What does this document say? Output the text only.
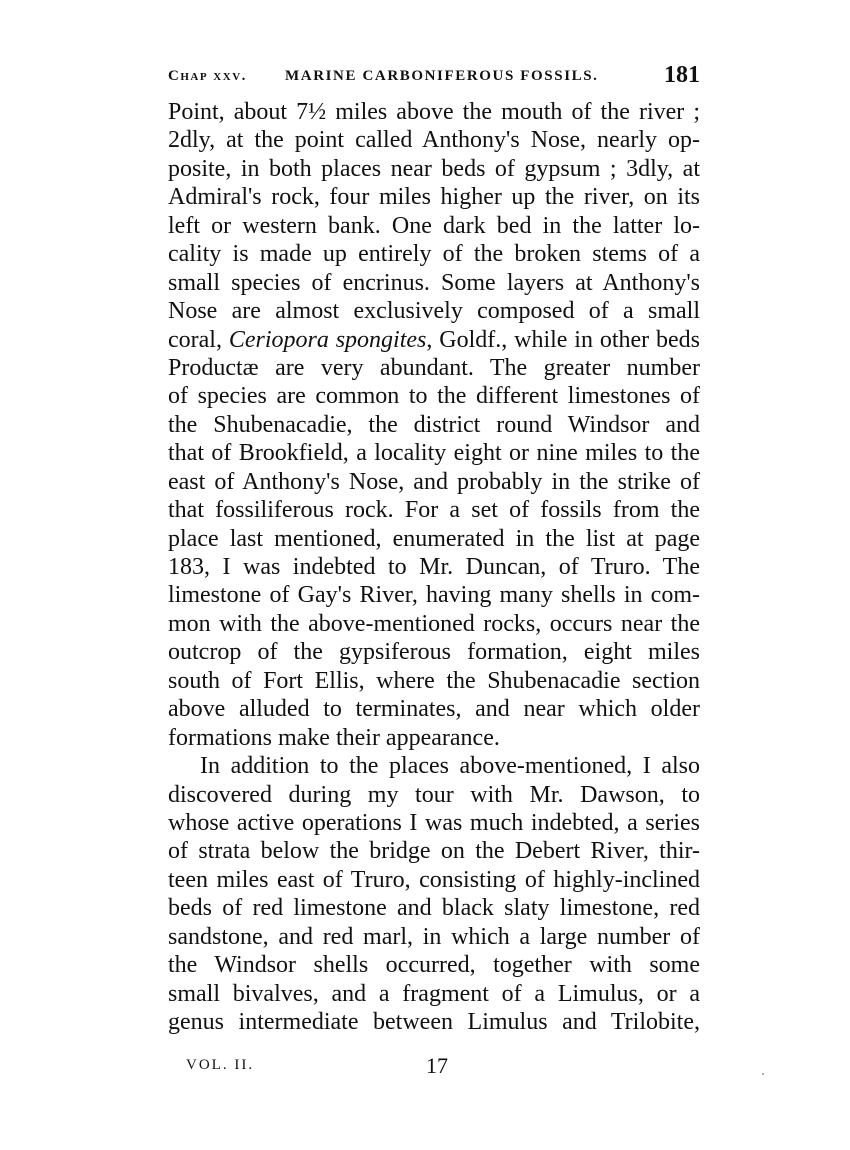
Chap xxv.	MARINE CARBONIFEROUS FOSSILS.	181
Point, about 7½ miles above the mouth of the river ;
2dly, at the point called Anthony's Nose, nearly op-
posite, in both places near beds of gypsum ; 3dly, at
Admiral's rock, four miles higher up the river, on its
left or western bank. One dark bed in the latter lo-
cality is made up entirely of the broken stems of a
small species of encrinus. Some layers at Anthony's
Nose are almost exclusively composed of a small
coral, Ceriopora spongites, Goldf., while in other beds
Productæ are very abundant. The greater number
of species are common to the different limestones of
the Shubenacadie, the district round Windsor and
that of Brookfield, a locality eight or nine miles to the
east of Anthony's Nose, and probably in the strike of
that fossiliferous rock. For a set of fossils from the
place last mentioned, enumerated in the list at page
183, I was indebted to Mr. Duncan, of Truro. The
limestone of Gay's River, having many shells in com-
mon with the above-mentioned rocks, occurs near the
outcrop of the gypsiferous formation, eight miles
south of Fort Ellis, where the Shubenacadie section
above alluded to terminates, and near which older
formations make their appearance.
In addition to the places above-mentioned, I also
discovered during my tour with Mr. Dawson, to
whose active operations I was much indebted, a series
of strata below the bridge on the Debert River, thir-
teen miles east of Truro, consisting of highly-inclined
beds of red limestone and black slaty limestone, red
sandstone, and red marl, in which a large number of
the Windsor shells occurred, together with some
small bivalves, and a fragment of a Limulus, or a
genus intermediate between Limulus and Trilobite,
VOL. II.	17
